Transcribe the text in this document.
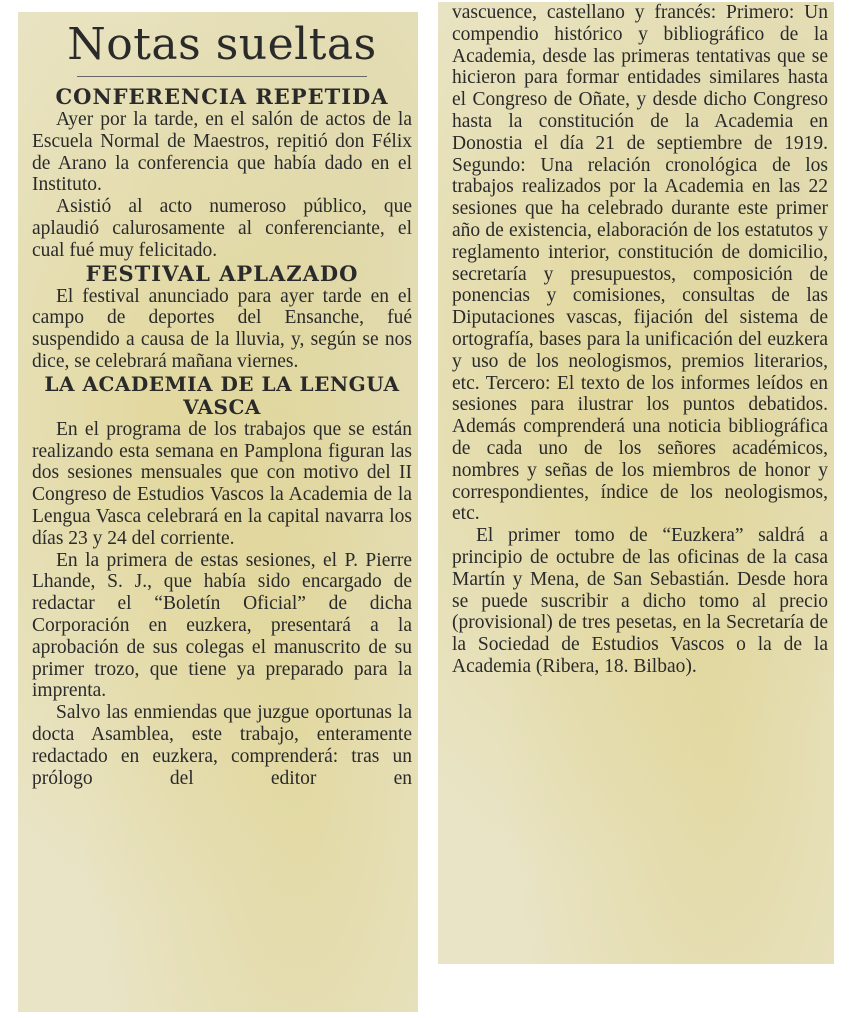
Notas sueltas
CONFERENCIA REPETIDA

Ayer por la tarde, en el salón de actos de la Escuela Normal de Maestros, repitió don Félix de Arano la conferencia que había dado en el Instituto.

Asistió al acto numeroso público, que aplaudió calurosamente al conferenciante, el cual fué muy felicitado.

FESTIVAL APLAZADO

El festival anunciado para ayer tarde en el campo de deportes del Ensanche, fué suspendido a causa de la lluvia, y, según se nos dice, se celebrará mañana viernes.

LA ACADEMIA DE LA LENGUA VASCA

En el programa de los trabajos que se están realizando esta semana en Pamplona figuran las dos sesiones mensuales que con motivo del II Congreso de Estudios Vascos la Academia de la Lengua Vasca celebrará en la capital navarra los días 23 y 24 del corriente.

En la primera de estas sesiones, el P. Pierre Lhande, S. J., que había sido encargado de redactar el “Boletín Oficial” de dicha Corporación en euzkera, presentará a la aprobación de sus colegas el manuscrito de su primer trozo, que tiene ya preparado para la imprenta.

Salvo las enmiendas que juzgue oportunas la docta Asamblea, este trabajo, enteramente redactado en euzkera, comprenderá: tras un prólogo del editor en

vascuence, castellano y francés: Primero: Un compendio histórico y bibliográfico de la Academia, desde las primeras tentativas que se hicieron para formar entidades similares hasta el Congreso de Oñate, y desde dicho Congreso hasta la constitución de la Academia en Donostia el día 21 de septiembre de 1919. Segundo: Una relación cronológica de los trabajos realizados por la Academia en las 22 sesiones que ha celebrado durante este primer año de existencia, elaboración de los estatutos y reglamento interior, constitución de domicilio, secretaría y presupuestos, composición de ponencias y comisiones, consultas de las Diputaciones vascas, fijación del sistema de ortografía, bases para la unificación del euzkera y uso de los neologismos, premios literarios, etc. Tercero: El texto de los informes leídos en sesiones para ilustrar los puntos debatidos. Además comprenderá una noticia bibliográfica de cada uno de los señores académicos, nombres y señas de los miembros de honor y correspondientes, índice de los neologismos, etc.

El primer tomo de “Euzkera” saldrá a principio de octubre de las oficinas de la casa Martín y Mena, de San Sebastián. Desde hora se puede suscribir a dicho tomo al precio (provisional) de tres pesetas, en la Secretaría de la Sociedad de Estudios Vascos o la de la Academia (Ribera, 18. Bilbao).
